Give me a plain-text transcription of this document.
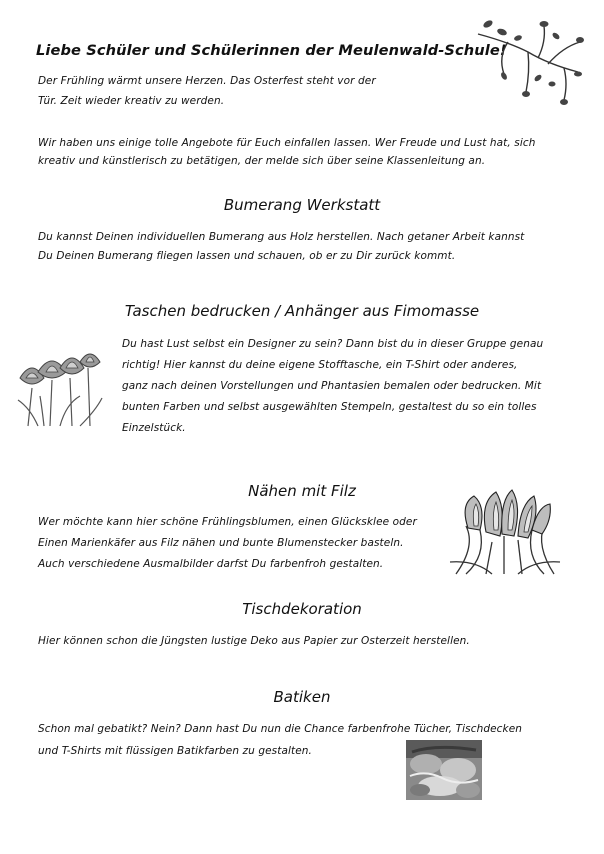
Liebe Schüler und Schülerinnen der Meulenwald-Schule!
Der Frühling wärmt unsere Herzen. Das Osterfest steht vor der
Tür. Zeit wieder kreativ zu werden.
Wir haben uns einige tolle Angebote für Euch einfallen lassen. Wer Freude und Lust hat, sich
kreativ und künstlerisch zu betätigen, der melde sich über seine Klassenleitung an.
Bumerang Werkstatt
Du kannst Deinen individuellen Bumerang aus Holz herstellen. Nach getaner Arbeit kannst
Du Deinen Bumerang fliegen lassen und schauen, ob er zu Dir zurück kommt.
Taschen bedrucken / Anhänger aus Fimomasse
Du hast Lust selbst ein Designer zu sein? Dann bist du in dieser Gruppe genau
richtig! Hier kannst du deine eigene Stofftasche, ein T-Shirt oder anderes,
ganz nach deinen Vorstellungen und Phantasien bemalen oder bedrucken. Mit
bunten Farben und selbst ausgewählten Stempeln, gestaltest du so ein tolles
Einzelstück.
Nähen mit Filz
Wer möchte kann hier schöne Frühlingsblumen, einen Glücksklee oder
Einen Marienkäfer aus Filz nähen und bunte Blumenstecker basteln.
Auch verschiedene Ausmalbilder darfst Du farbenfroh gestalten.
Tischdekoration
Hier können schon die Jüngsten lustige Deko aus Papier zur Osterzeit herstellen.
Batiken
Schon mal gebatikt? Nein? Dann hast Du nun die Chance farbenfrohe Tücher, Tischdecken
und T-Shirts mit flüssigen Batikfarben zu gestalten.
